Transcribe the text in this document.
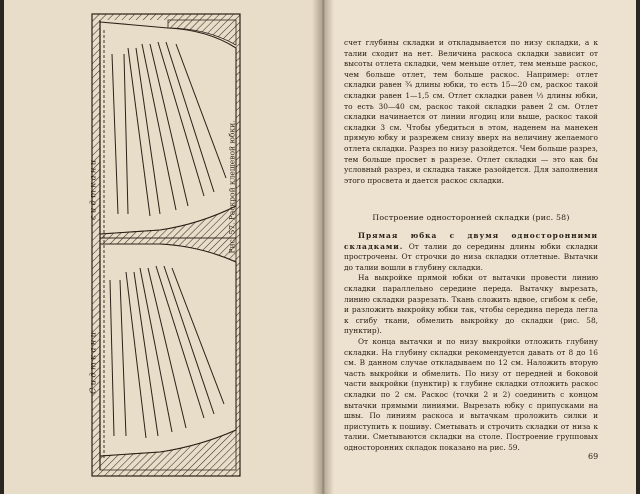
с и д т к а н и
С и д т к а н и
Рис. 57. Раскрой клешевой юбки.

счет глубины складки и откладывается по низу складки, а к талии сходит на нет. Величина раскоса складки зависит от высоты отлета складки, чем меньше отлет, тем меньше раскос, чем больше отлет, тем больше раскос. Например: отлет складки равен ¾ длины юбки, то есть 15—20 см, раскос такой складки равен 1—1,5 см. Отлет складки равен ⅓ длины юбки, то есть 30—40 см, раскос такой складки равен 2 см. Отлет складки начинается от линии ягодиц или выше, раскос такой складки 3 см. Чтобы убедиться в этом, наденем на манекен прямую юбку и разрежем снизу вверх на величину желаемого отлета складки. Разрез по низу разойдется. Чем больше разрез, тем больше просвет в разрезе. Отлет складки — это как бы условный разрез, и складка также разойдется. Для заполнения этого просвета и дается раскос складки.

Построение односторонней складки (рис. 58)

Прямая юбка с двумя односторонними складками. От талии до середины длины юбки складки прострочены. От строчки до низа складки отлетные. Вытачки до талии вошли в глубину складки.

На выкройке прямой юбки от вытачки провести линию складки параллельно середине переда. Вытачку вырезать, линию складки разрезать. Ткань сложить вдвое, сгибом к себе, и разложить выкройку юбки так, чтобы середина переда легла к сгибу ткани, обмелить выкройку до складки (рис. 58, пунктир).

От конца вытачки и по низу выкройки отложить глубину складки. На глубину складки рекомендуется давать от 8 до 16 см. В данном случае откладываем по 12 см. Наложить вторую часть выкройки и обмелить. По низу от передней и боковой части выкройки (пунктир) к глубине складки отложить раскос складки по 2 см. Раскос (точки 2 и 2) соединить с концом вытачки прямыми линиями. Вырезать юбку с припусками на швы. По линиям раскоса и вытачкам проложить силки и приступить к пошиву. Сметывать и строчить складки от низа к талии. Сметываются складки на столе. Построение групповых односторонних складок показано на рис. 59.

69
